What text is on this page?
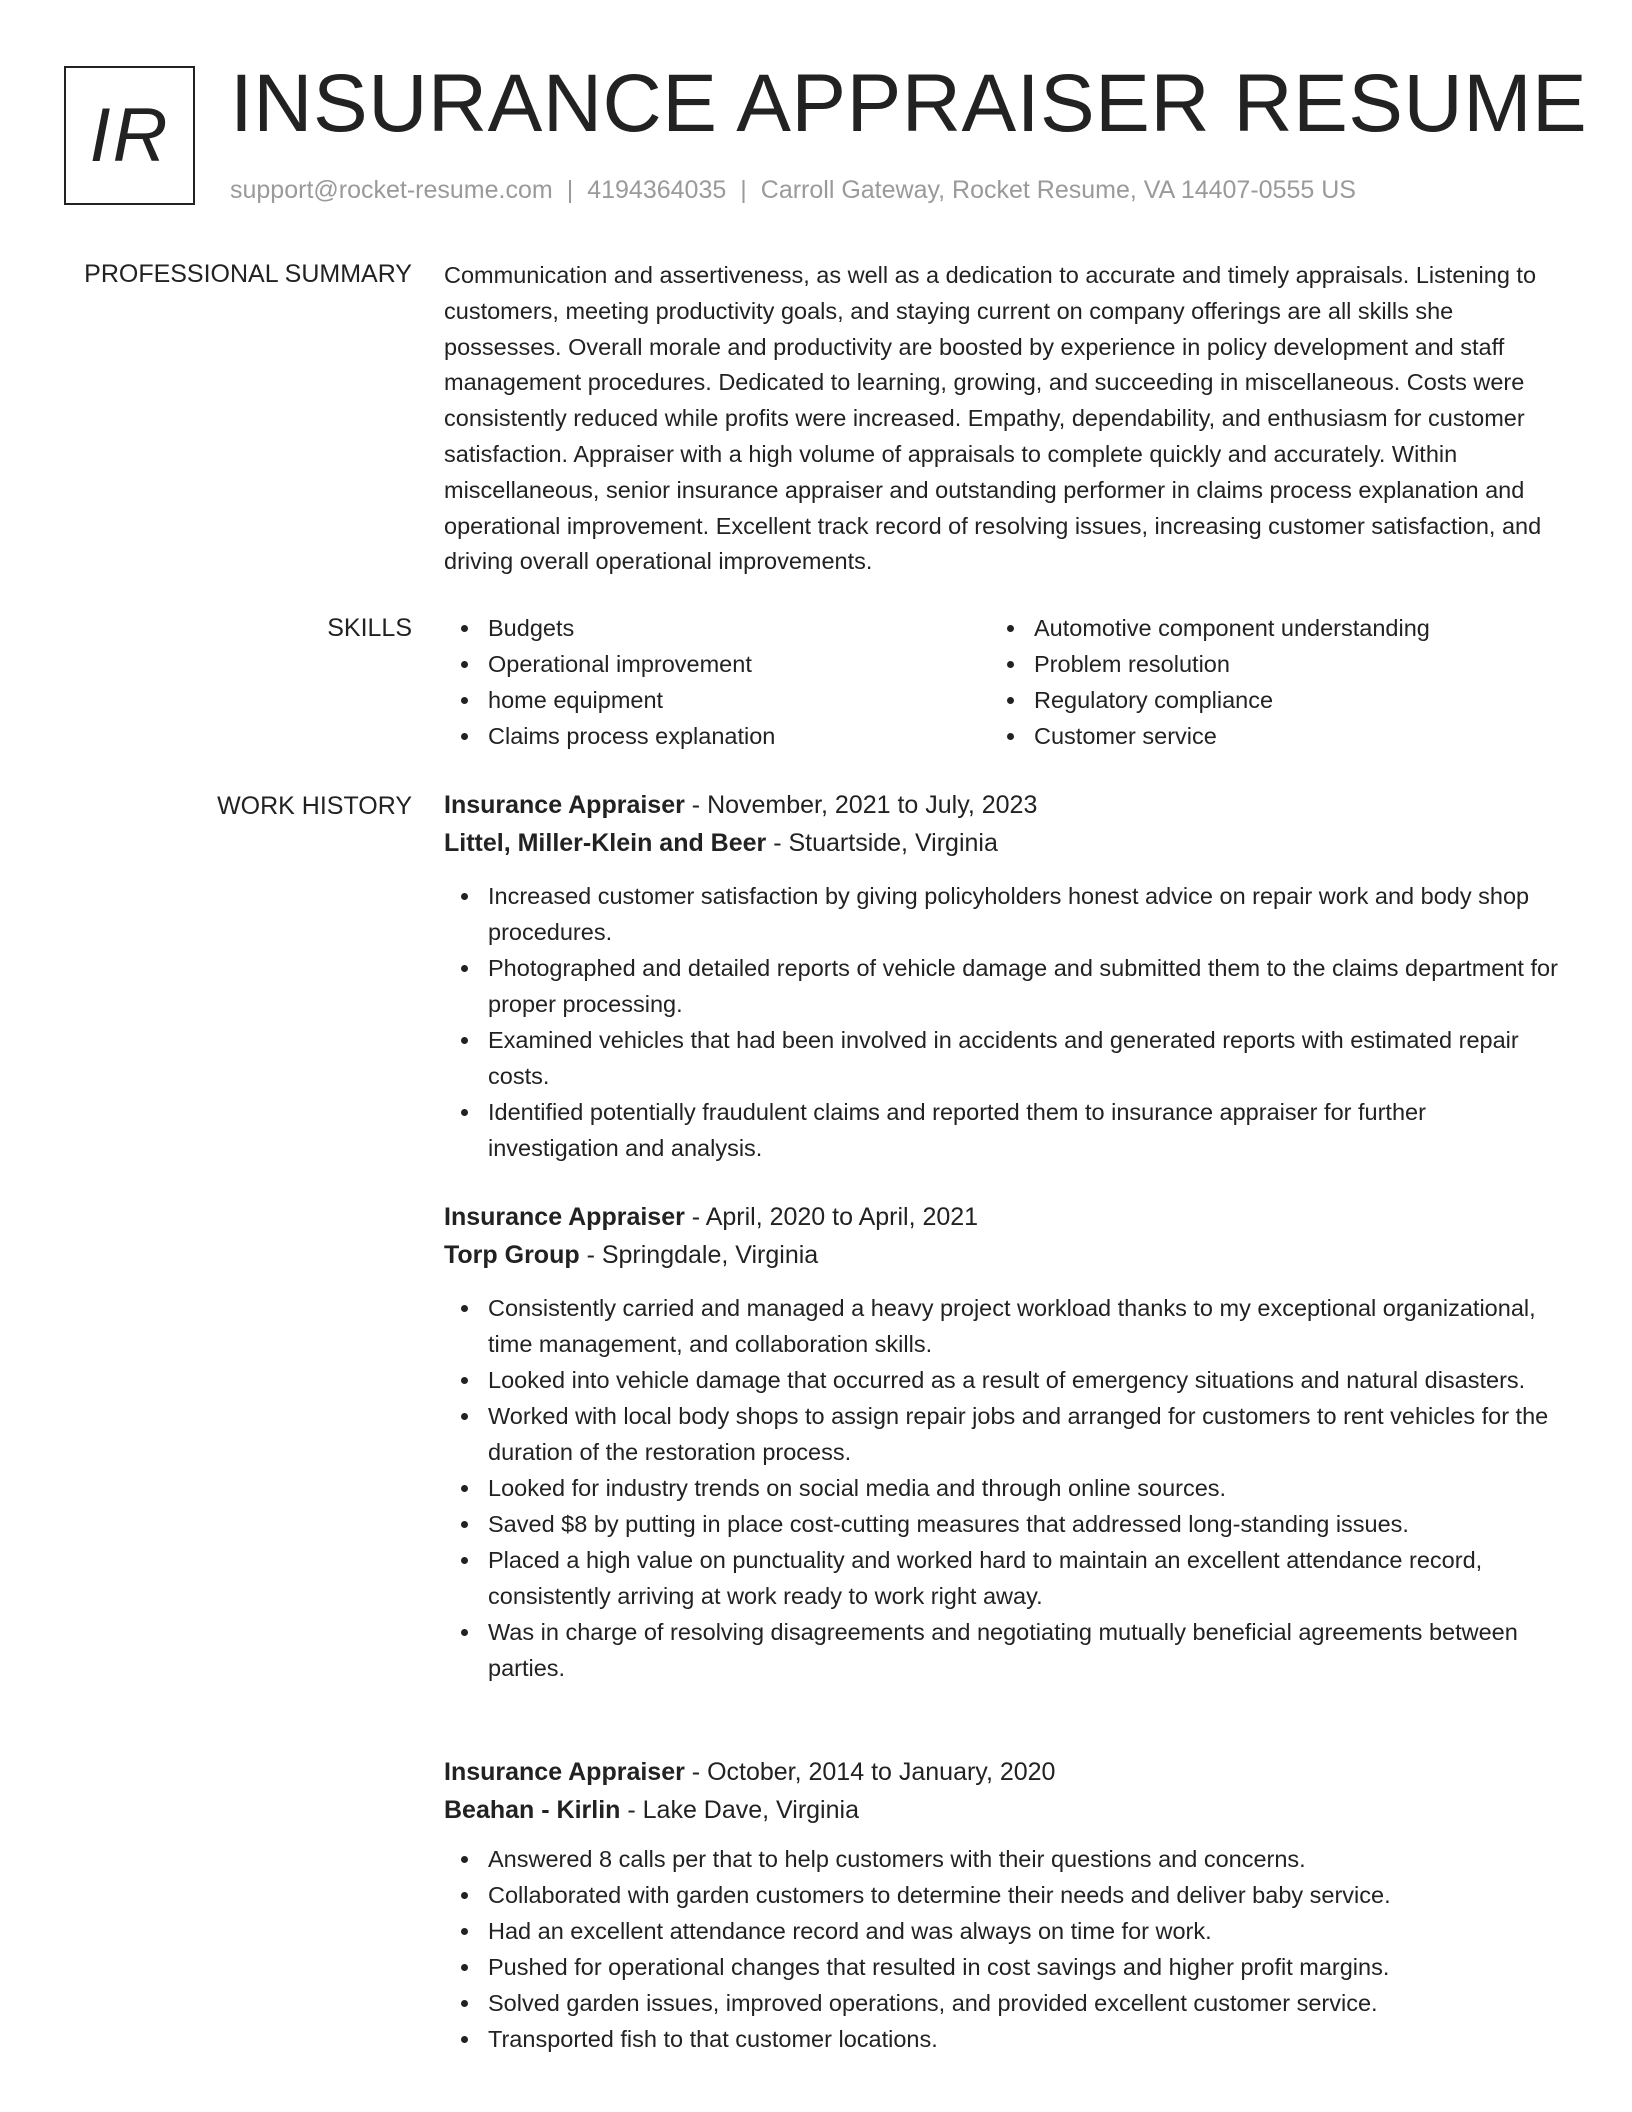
IR INSURANCE APPRAISER RESUME
support@rocket-resume.com | 4194364035 | Carroll Gateway, Rocket Resume, VA 14407-0555 US
PROFESSIONAL SUMMARY Communication and assertiveness, as well as a dedication to accurate and timely appraisals. Listening to customers, meeting productivity goals, and staying current on company offerings are all skills she possesses. Overall morale and productivity are boosted by experience in policy development and staff management procedures. Dedicated to learning, growing, and succeeding in miscellaneous. Costs were consistently reduced while profits were increased. Empathy, dependability, and enthusiasm for customer satisfaction. Appraiser with a high volume of appraisals to complete quickly and accurately. Within miscellaneous, senior insurance appraiser and outstanding performer in claims process explanation and operational improvement. Excellent track record of resolving issues, increasing customer satisfaction, and driving overall operational improvements.

SKILLS	Budgets
Operational improvement
home equipment
Claims process explanation
Automotive component understanding
Problem resolution
Regulatory compliance
Customer service
WORK HISTORY Insurance Appraiser - November, 2021 to July, 2023
Littel, Miller-Klein and Beer - Stuartside, Virginia
Increased customer satisfaction by giving policyholders honest advice on repair work and body shop procedures.
Photographed and detailed reports of vehicle damage and submitted them to the claims department for proper processing.
Examined vehicles that had been involved in accidents and generated reports with estimated repair costs.
Identified potentially fraudulent claims and reported them to insurance appraiser for further investigation and analysis.
Insurance Appraiser - April, 2020 to April, 2021
Torp Group - Springdale, Virginia
Consistently carried and managed a heavy project workload thanks to my exceptional organizational, time management, and collaboration skills.
Looked into vehicle damage that occurred as a result of emergency situations and natural disasters.
Worked with local body shops to assign repair jobs and arranged for customers to rent vehicles for the duration of the restoration process.
Looked for industry trends on social media and through online sources.
Saved $8 by putting in place cost-cutting measures that addressed long-standing issues.
Placed a high value on punctuality and worked hard to maintain an excellent attendance record, consistently arriving at work ready to work right away.
Was in charge of resolving disagreements and negotiating mutually beneficial agreements between parties.
Insurance Appraiser - October, 2014 to January, 2020
Beahan - Kirlin - Lake Dave, Virginia
Answered 8 calls per that to help customers with their questions and concerns.
Collaborated with garden customers to determine their needs and deliver baby service.
Had an excellent attendance record and was always on time for work.
Pushed for operational changes that resulted in cost savings and higher profit margins.
Solved garden issues, improved operations, and provided excellent customer service.
Transported fish to that customer locations.
